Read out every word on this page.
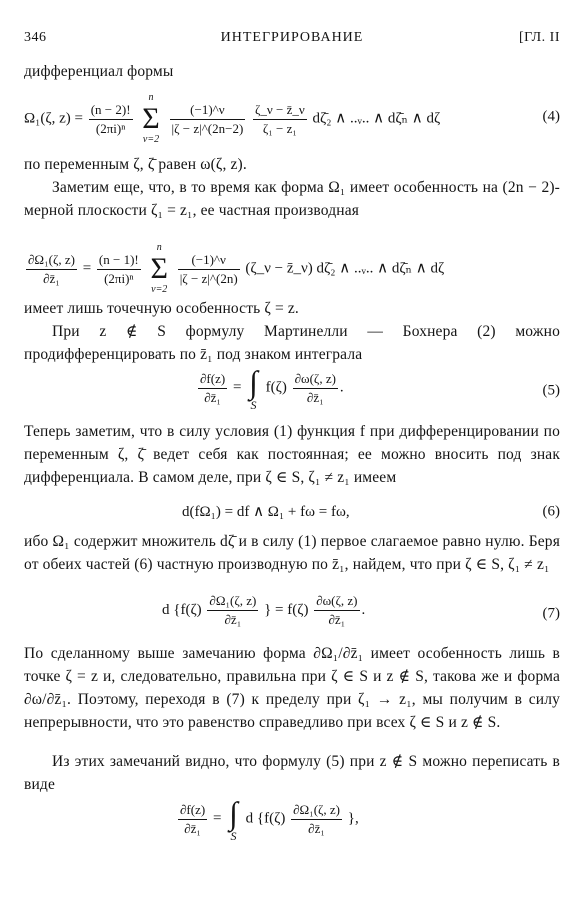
346	ИНТЕГРИРОВАНИЕ	[ГЛ. II
дифференциал формы
Ω₁(ζ, $z) = \frac{(n - 2)!}{\text{(2πi)ⁿ}}$

n
Σ
ν=2

$\frac{(-1)\^{}\nu}{|\zeta - z|\^{}(2n-2)}$
$\frac{\zeta\_\nu - z̄\_\nu}{\text{ζ₁ − z₁}}$ dζ̄₂ ∧ ..ᵥ.. ∧ dζ̄ₙ ∧ dζ	(4)
по переменным ζ, ζ̄ равен ω(ζ, z).
Заметим еще, что, в то время как форма Ω₁ имеет особенность на (2n − 2)-мерной плоскости ζ₁ = z₁, ее частная производная
$\frac{\text{∂Ω₁(ζ, z)}}{\text{∂z̄₁}} = \frac{(n - 1)!}{\text{(2πi)ⁿ}}$

n
Σ
ν=2

$\frac{(-1)\^{}\nu}{|\zeta - z|\^{}(2n)}$ (ζ_ν − z̄_ν) dζ̄₂ ∧ ..ᵥ.. ∧ dζ̄ₙ ∧ dζ
имеет лишь точечную особенность ζ = z.
При z ∉ S формулу Мартинелли — Бохнера (2) можно продифференцировать по z̄₁ под знаком интеграла
$\frac{\partial f(z)}{\text{∂z̄₁}}$ = ∫
S
$f(\zeta) \frac{\partial\omega(\zeta, z)}{\text{∂z̄₁}}$ .	(5)
Теперь заметим, что в силу условия (1) функция f при дифференцировании по переменным ζ, ζ̄ ведет себя как постоянная; ее можно вносить под знак дифференциала. В самом деле, при ζ ∈ S, ζ₁ ≠ z₁ имеем
d(fΩ₁) = df ∧ Ω₁ + fω = fω,	(6)
ибо Ω₁ содержит множитель dζ̄ и в силу (1) первое слагаемое равно нулю. Беря от обеих частей (6) частную производную по z̄₁, найдем, что при ζ ∈ S, ζ₁ ≠ z₁
d {$f(\zeta) \frac{\text{∂Ω₁(ζ, z)}}{\text{∂z̄₁}}$ } = $f(\zeta) \frac{\partial\omega(\zeta, z)}{\text{∂z̄₁}}$ .	(7)
По сделанному выше замечанию форма ∂Ω₁/∂z̄₁ имеет особенность лишь в точке ζ = z и, следовательно, правильна при ζ ∈ S и z ∉ S, такова же и форма ∂ω/∂z̄₁. Поэтому, переходя в (7) к пределу при ζ₁ → z₁, мы получим в силу непрерывности, что это равенство справедливо при всех ζ ∈ S и z ∉ S.
Из этих замечаний видно, что формулу (5) при z ∉ S можно переписать в виде
$\frac{\partial f(z)}{\text{∂z̄₁}}$ = ∫
S
d {$f(\zeta) \frac{\text{∂Ω₁(ζ, z)}}{\text{∂z̄₁}}$ },
